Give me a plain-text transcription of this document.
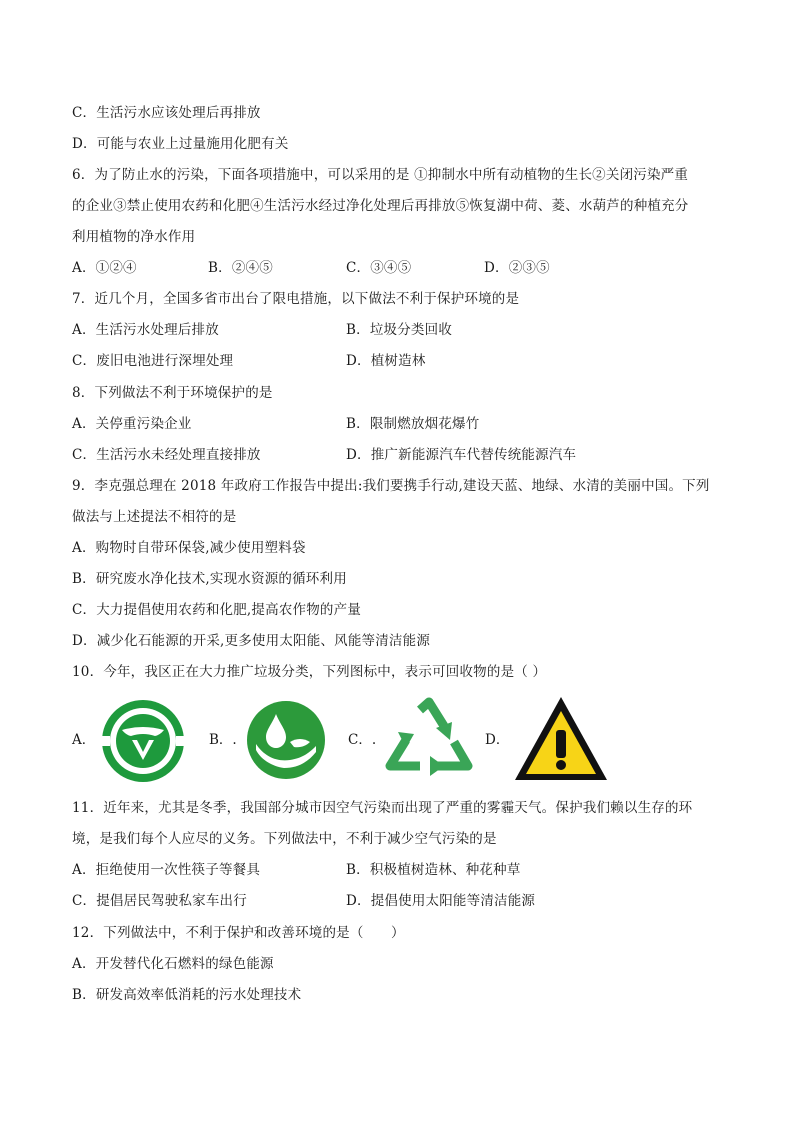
C．生活污水应该处理后再排放
D．可能与农业上过量施用化肥有关
6．为了防止水的污染，下面各项措施中，可以采用的是 ①抑制水中所有动植物的生长②关闭污染严重
的企业③禁止使用农药和化肥④生活污水经过净化处理后再排放⑤恢复湖中荷、菱、水葫芦的种植充分
利用植物的净水作用
A．①②④	B．②④⑤	C．③④⑤	D．②③⑤
7．近几个月，全国多省市出台了限电措施，以下做法不利于保护环境的是
A．生活污水处理后排放	B．垃圾分类回收
C．废旧电池进行深埋处理	D．植树造林
8．下列做法不利于环境保护的是
A．关停重污染企业	B．限制燃放烟花爆竹
C．生活污水未经处理直接排放	D．推广新能源汽车代替传统能源汽车
9．李克强总理在 2018 年政府工作报告中提出:我们要携手行动,建设天蓝、地绿、水清的美丽中国。下列
做法与上述提法不相符的是
A．购物时自带环保袋,减少使用塑料袋
B．研究废水净化技术,实现水资源的循环利用
C．大力提倡使用农药和化肥,提高农作物的产量
D．减少化石能源的开采,更多使用太阳能、风能等清洁能源
10．今年，我区正在大力推广垃圾分类，下列图标中，表示可回收物的是（ ）
A．	B．.	C．.	D．
11．近年来，尤其是冬季，我国部分城市因空气污染而出现了严重的雾霾天气。保护我们赖以生存的环
境，是我们每个人应尽的义务。下列做法中，不利于减少空气污染的是
A．拒绝使用一次性筷子等餐具	B．积极植树造林、种花种草
C．提倡居民驾驶私家车出行	D．提倡使用太阳能等清洁能源
12．下列做法中，不利于保护和改善环境的是（　　）
A．开发替代化石燃料的绿色能源
B．研发高效率低消耗的污水处理技术
